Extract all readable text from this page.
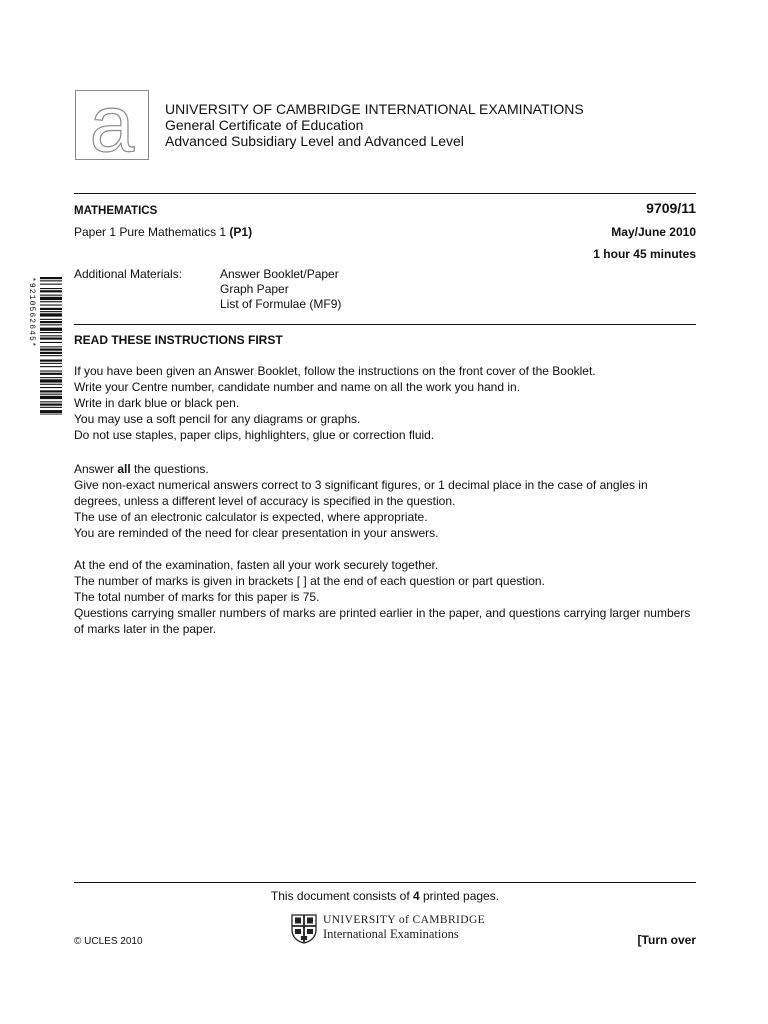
a UNIVERSITY OF CAMBRIDGE INTERNATIONAL EXAMINATIONS
General Certificate of Education
Advanced Subsidiary Level and Advanced Level
MATHEMATICS	9709/11
Paper 1 Pure Mathematics 1 (P1)	May/June 2010
1 hour 45 minutes
Additional Materials:	Answer Booklet/Paper
Graph Paper
List of Formulae (MF9)
*9210562645*	READ THESE INSTRUCTIONS FIRST

If you have been given an Answer Booklet, follow the instructions on the front cover of the Booklet.

Write your Centre number, candidate number and name on all the work you hand in.

Write in dark blue or black pen.

You may use a soft pencil for any diagrams or graphs.

Do not use staples, paper clips, highlighters, glue or correction fluid.

Answer all the questions.

Give non-exact numerical answers correct to 3 significant figures, or 1 decimal place in the case of angles in degrees, unless a different level of accuracy is specified in the question.

The use of an electronic calculator is expected, where appropriate.

You are reminded of the need for clear presentation in your answers.

At the end of the examination, fasten all your work securely together.

The number of marks is given in brackets [ ] at the end of each question or part question.

The total number of marks for this paper is 75.

Questions carrying smaller numbers of marks are printed earlier in the paper, and questions carrying larger numbers of marks later in the paper.

This document consists of 4 printed pages.
UNIVERSITY of CAMBRIDGE
International Examinations
© UCLES 2010	[Turn over
